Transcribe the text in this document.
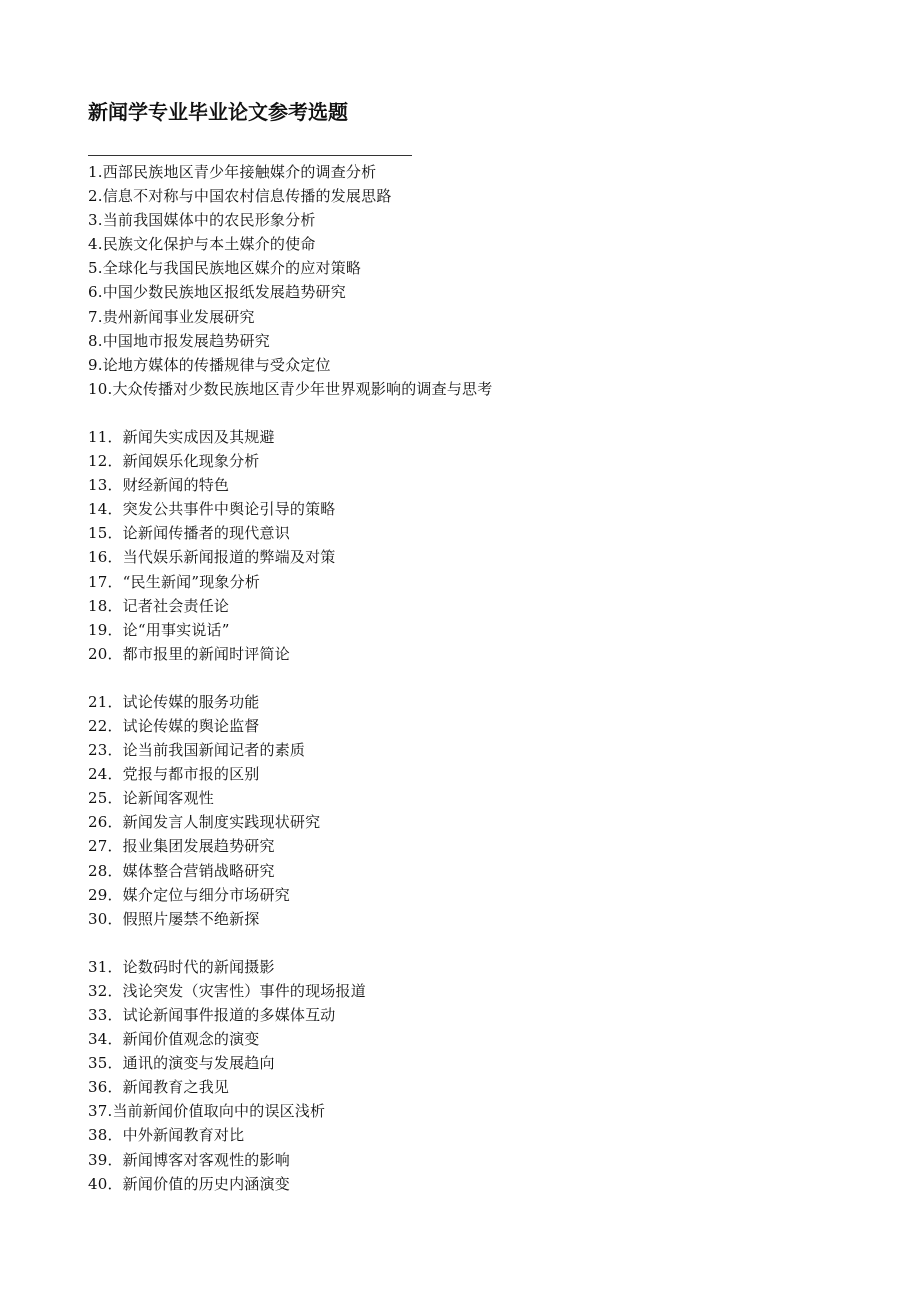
新闻学专业毕业论文参考选题
1.西部民族地区青少年接触媒介的调查分析
2.信息不对称与中国农村信息传播的发展思路
3.当前我国媒体中的农民形象分析
4.民族文化保护与本土媒介的使命
5.全球化与我国民族地区媒介的应对策略
6.中国少数民族地区报纸发展趋势研究
7.贵州新闻事业发展研究
8.中国地市报发展趋势研究
9.论地方媒体的传播规律与受众定位
10.大众传播对少数民族地区青少年世界观影响的调查与思考
11．新闻失实成因及其规避
12．新闻娱乐化现象分析
13．财经新闻的特色
14．突发公共事件中舆论引导的策略
15．论新闻传播者的现代意识
16．当代娱乐新闻报道的弊端及对策
17．“民生新闻”现象分析
18．记者社会责任论
19．论“用事实说话”
20．都市报里的新闻时评简论
21．试论传媒的服务功能
22．试论传媒的舆论监督
23．论当前我国新闻记者的素质
24．党报与都市报的区别
25．论新闻客观性
26．新闻发言人制度实践现状研究
27．报业集团发展趋势研究
28．媒体整合营销战略研究
29．媒介定位与细分市场研究
30．假照片屡禁不绝新探
31．论数码时代的新闻摄影
32．浅论突发（灾害性）事件的现场报道
33．试论新闻事件报道的多媒体互动
34．新闻价值观念的演变
35．通讯的演变与发展趋向
36．新闻教育之我见
37.当前新闻价值取向中的误区浅析
38．中外新闻教育对比
39．新闻博客对客观性的影响
40．新闻价值的历史内涵演变
